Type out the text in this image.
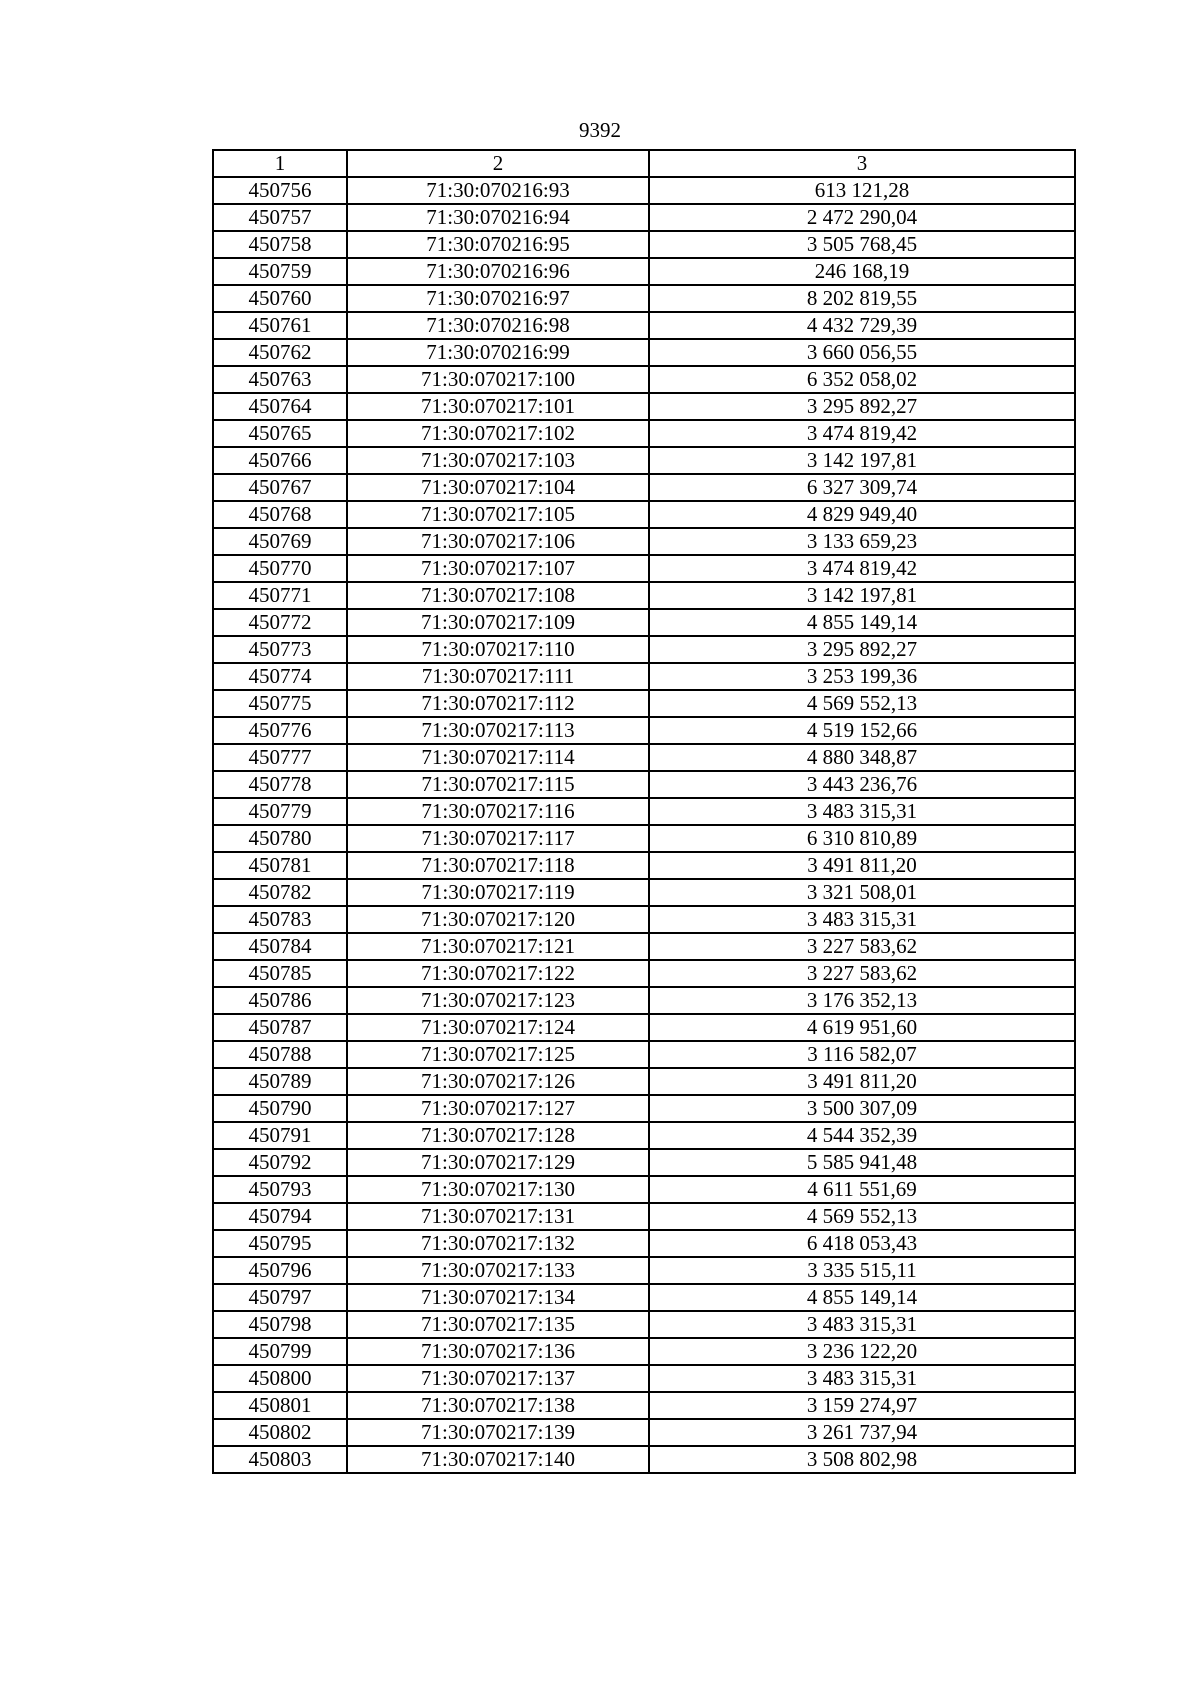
9392
1	2	3
450756	71:30:070216:93	613 121,28
450757	71:30:070216:94	2 472 290,04
450758	71:30:070216:95	3 505 768,45
450759	71:30:070216:96	246 168,19
450760	71:30:070216:97	8 202 819,55
450761	71:30:070216:98	4 432 729,39
450762	71:30:070216:99	3 660 056,55
450763	71:30:070217:100	6 352 058,02
450764	71:30:070217:101	3 295 892,27
450765	71:30:070217:102	3 474 819,42
450766	71:30:070217:103	3 142 197,81
450767	71:30:070217:104	6 327 309,74
450768	71:30:070217:105	4 829 949,40
450769	71:30:070217:106	3 133 659,23
450770	71:30:070217:107	3 474 819,42
450771	71:30:070217:108	3 142 197,81
450772	71:30:070217:109	4 855 149,14
450773	71:30:070217:110	3 295 892,27
450774	71:30:070217:111	3 253 199,36
450775	71:30:070217:112	4 569 552,13
450776	71:30:070217:113	4 519 152,66
450777	71:30:070217:114	4 880 348,87
450778	71:30:070217:115	3 443 236,76
450779	71:30:070217:116	3 483 315,31
450780	71:30:070217:117	6 310 810,89
450781	71:30:070217:118	3 491 811,20
450782	71:30:070217:119	3 321 508,01
450783	71:30:070217:120	3 483 315,31
450784	71:30:070217:121	3 227 583,62
450785	71:30:070217:122	3 227 583,62
450786	71:30:070217:123	3 176 352,13
450787	71:30:070217:124	4 619 951,60
450788	71:30:070217:125	3 116 582,07
450789	71:30:070217:126	3 491 811,20
450790	71:30:070217:127	3 500 307,09
450791	71:30:070217:128	4 544 352,39
450792	71:30:070217:129	5 585 941,48
450793	71:30:070217:130	4 611 551,69
450794	71:30:070217:131	4 569 552,13
450795	71:30:070217:132	6 418 053,43
450796	71:30:070217:133	3 335 515,11
450797	71:30:070217:134	4 855 149,14
450798	71:30:070217:135	3 483 315,31
450799	71:30:070217:136	3 236 122,20
450800	71:30:070217:137	3 483 315,31
450801	71:30:070217:138	3 159 274,97
450802	71:30:070217:139	3 261 737,94
450803	71:30:070217:140	3 508 802,98
